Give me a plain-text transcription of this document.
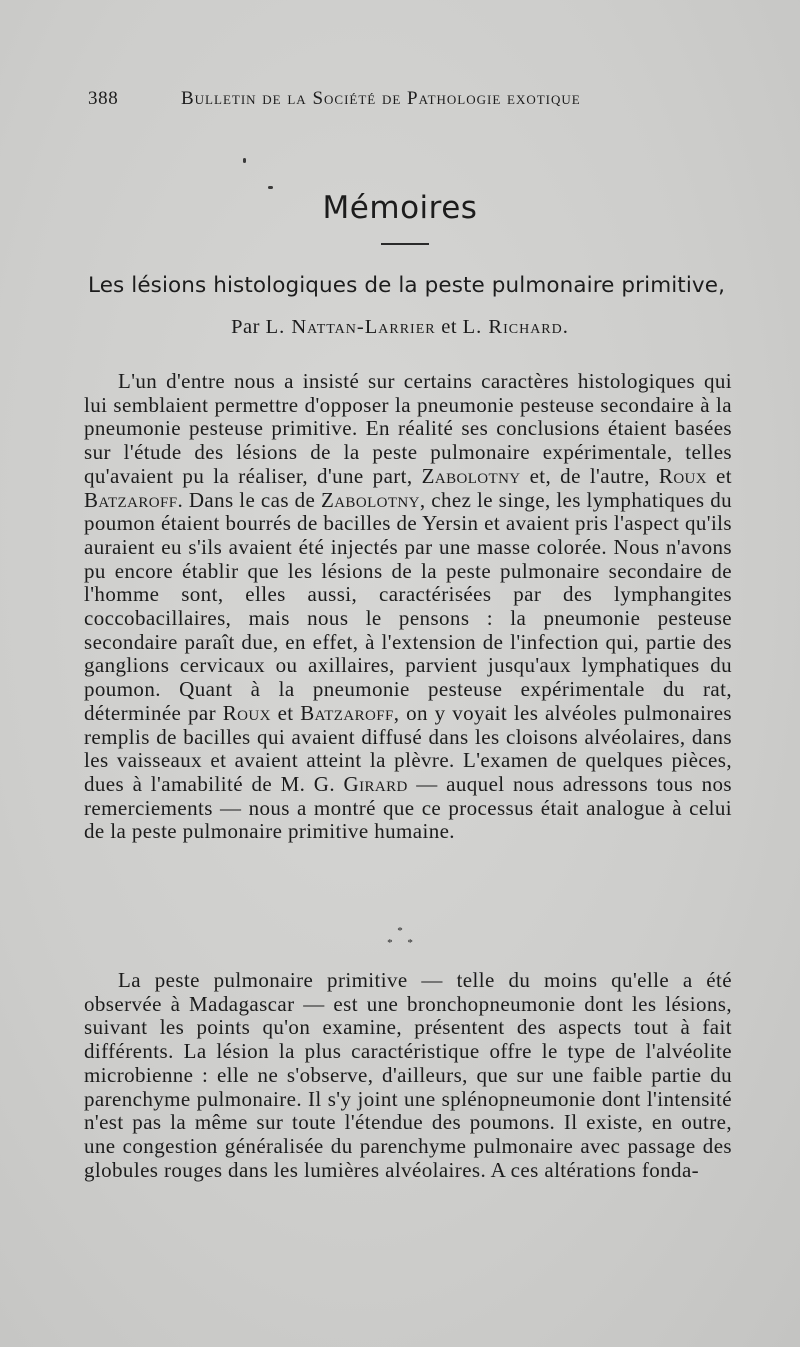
388	Bulletin de la Société de Pathologie exotique
Mémoires
Les lésions histologiques de la peste pulmonaire primitive,
Par L. Nattan-Larrier et L. Richard.

L'un d'entre nous a insisté sur certains caractères histologiques qui lui semblaient permettre d'opposer la pneumonie pesteuse secondaire à la pneumonie pesteuse primitive. En réalité ses conclusions étaient basées sur l'étude des lésions de la peste pulmonaire expérimentale, telles qu'avaient pu la réaliser, d'une part, Zabolotny et, de l'autre, Roux et Batzaroff. Dans le cas de Zabolotny, chez le singe, les lymphatiques du poumon étaient bourrés de bacilles de Yersin et avaient pris l'aspect qu'ils auraient eu s'ils avaient été injectés par une masse colorée. Nous n'avons pu encore établir que les lésions de la peste pulmonaire secondaire de l'homme sont, elles aussi, caractérisées par des lymphangites coccobacillaires, mais nous le pensons : la pneumonie pesteuse secondaire paraît due, en effet, à l'extension de l'infection qui, partie des ganglions cervicaux ou axillaires, parvient jusqu'aux lymphatiques du poumon. Quant à la pneumonie pesteuse expérimentale du rat, déterminée par Roux et Batzaroff, on y voyait les alvéoles pulmonaires remplis de bacilles qui avaient diffusé dans les cloisons alvéolaires, dans les vaisseaux et avaient atteint la plèvre. L'examen de quelques pièces, dues à l'amabilité de M. G. Girard — auquel nous adressons tous nos remerciements — nous a montré que ce processus était analogue à celui de la peste pulmonaire primitive humaine.

*
* *

La peste pulmonaire primitive — telle du moins qu'elle a été observée à Madagascar — est une bronchopneumonie dont les lésions, suivant les points qu'on examine, présentent des aspects tout à fait différents. La lésion la plus caractéristique offre le type de l'alvéolite microbienne : elle ne s'observe, d'ailleurs, que sur une faible partie du parenchyme pulmonaire. Il s'y joint une splénopneumonie dont l'intensité n'est pas la même sur toute l'étendue des poumons. Il existe, en outre, une congestion généralisée du parenchyme pulmonaire avec passage des globules rouges dans les lumières alvéolaires. A ces altérations fonda-
